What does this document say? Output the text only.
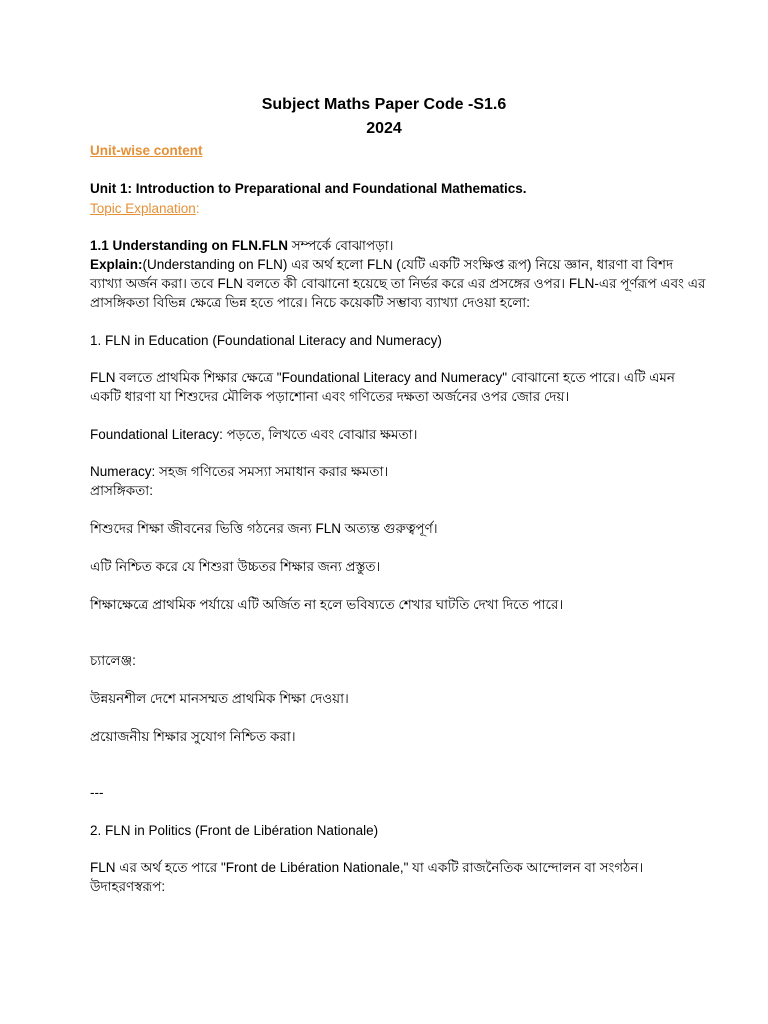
Subject Maths Paper Code -S1.6
2024
Unit-wise content
Unit 1: Introduction to Preparational and Foundational Mathematics.
Topic Explanation:
1.1 Understanding on FLN.FLN সম্পর্কে বোঝাপড়া।
Explain:(Understanding on FLN) এর অর্থ হলো FLN (যেটি একটি সংক্ষিপ্ত রূপ) নিয়ে জ্ঞান, ধারণা বা বিশদ
ব্যাখ্যা অর্জন করা। তবে FLN বলতে কী বোঝানো হয়েছে তা নির্ভর করে এর প্রসঙ্গের ওপর। FLN-এর পূর্ণরূপ এবং এর
প্রাসঙ্গিকতা বিভিন্ন ক্ষেত্রে ভিন্ন হতে পারে। নিচে কয়েকটি সম্ভাব্য ব্যাখ্যা দেওয়া হলো:
1. FLN in Education (Foundational Literacy and Numeracy)
FLN বলতে প্রাথমিক শিক্ষার ক্ষেত্রে "Foundational Literacy and Numeracy" বোঝানো হতে পারে। এটি এমন
একটি ধারণা যা শিশুদের মৌলিক পড়াশোনা এবং গণিতের দক্ষতা অর্জনের ওপর জোর দেয়।
Foundational Literacy: পড়তে, লিখতে এবং বোঝার ক্ষমতা।
Numeracy: সহজ গণিতের সমস্যা সমাধান করার ক্ষমতা।
প্রাসঙ্গিকতা:
শিশুদের শিক্ষা জীবনের ভিত্তি গঠনের জন্য FLN অত্যন্ত গুরুত্বপূর্ণ।
এটি নিশ্চিত করে যে শিশুরা উচ্চতর শিক্ষার জন্য প্রস্তুত।
শিক্ষাক্ষেত্রে প্রাথমিক পর্যায়ে এটি অর্জিত না হলে ভবিষ্যতে শেখার ঘাটতি দেখা দিতে পারে।
চ্যালেঞ্জ:
উন্নয়নশীল দেশে মানসম্মত প্রাথমিক শিক্ষা দেওয়া।
প্রয়োজনীয় শিক্ষার সুযোগ নিশ্চিত করা।
---
2. FLN in Politics (Front de Libération Nationale)
FLN এর অর্থ হতে পারে "Front de Libération Nationale," যা একটি রাজনৈতিক আন্দোলন বা সংগঠন।
উদাহরণস্বরূপ:
